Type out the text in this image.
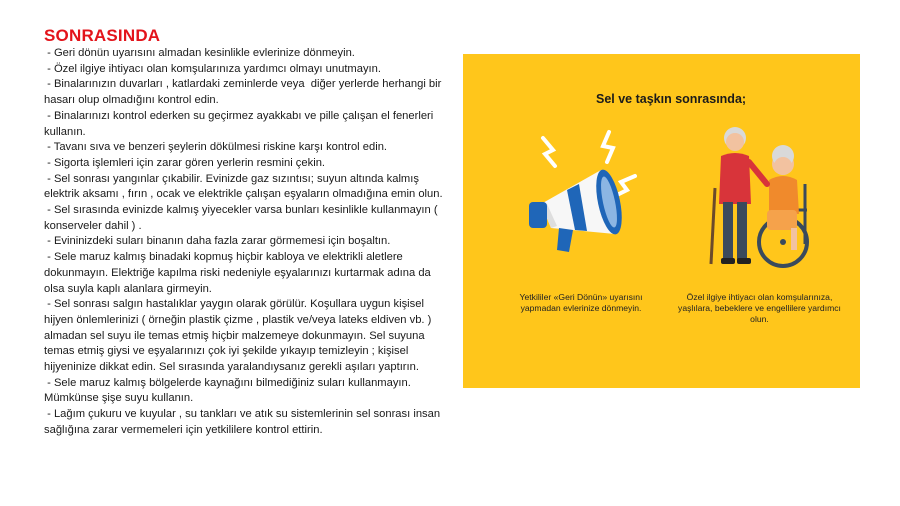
SONRASINDA

- Geri dönün uyarısını almadan kesinlikle evlerinize dönmeyin.

- Özel ilgiye ihtiyacı olan komşularınıza yardımcı olmayı unutmayın.

- Binalarınızın duvarları , katlardaki zeminlerde veya  diğer yerlerde herhangi bir hasarı olup olmadığını kontrol edin.

- Binalarınızı kontrol ederken su geçirmez ayakkabı ve pille çalışan el fenerleri kullanın.

- Tavanı sıva ve benzeri şeylerin dökülmesi riskine karşı kontrol edin.

- Sigorta işlemleri için zarar gören yerlerin resmini çekin.

- Sel sonrası yangınlar çıkabilir. Evinizde gaz sızıntısı; suyun altında kalmış elektrik aksamı , fırın , ocak ve elektrikle çalışan eşyaların olmadığına emin olun.

- Sel sırasında evinizde kalmış yiyecekler varsa bunları kesinlikle kullanmayın ( konserveler dahil ) .

- Evininizdeki suları binanın daha fazla zarar görmemesi için boşaltın.

- Sele maruz kalmış binadaki kopmuş hiçbir kabloya ve elektrikli aletlere dokunmayın. Elektriğe kapılma riski nedeniyle eşyalarınızı kurtarmak adına da olsa suyla kaplı alanlara girmeyin.

- Sel sonrası salgın hastalıklar yaygın olarak görülür. Koşullara uygun kişisel hijyen önlemlerinizi ( örneğin plastik çizme , plastik ve/veya lateks eldiven vb. ) almadan sel suyu ile temas etmiş hiçbir malzemeye dokunmayın. Sel suyuna temas etmiş giysi ve eşyalarınızı çok iyi şekilde yıkayıp temizleyin ; kişisel hijyeninize dikkat edin. Sel sırasında yaralandıysanız gerekli aşıları yaptırın.

- Sele maruz kalmış bölgelerde kaynağını bilmediğiniz suları kullanmayın. Mümkünse şişe suyu kullanın.

- Lağım çukuru ve kuyular , su tankları ve atık su sistemlerinin sel sonrası insan sağlığına zarar vermemeleri için yetkililere kontrol ettirin.

Sel ve taşkın sonrasında;
Yetkililer «Geri Dönün» uyarısını yapmadan evlerinize dönmeyin.
Özel ilgiye ihtiyacı olan komşularınıza, yaşlılara, bebeklere ve engellilere yardımcı olun.
